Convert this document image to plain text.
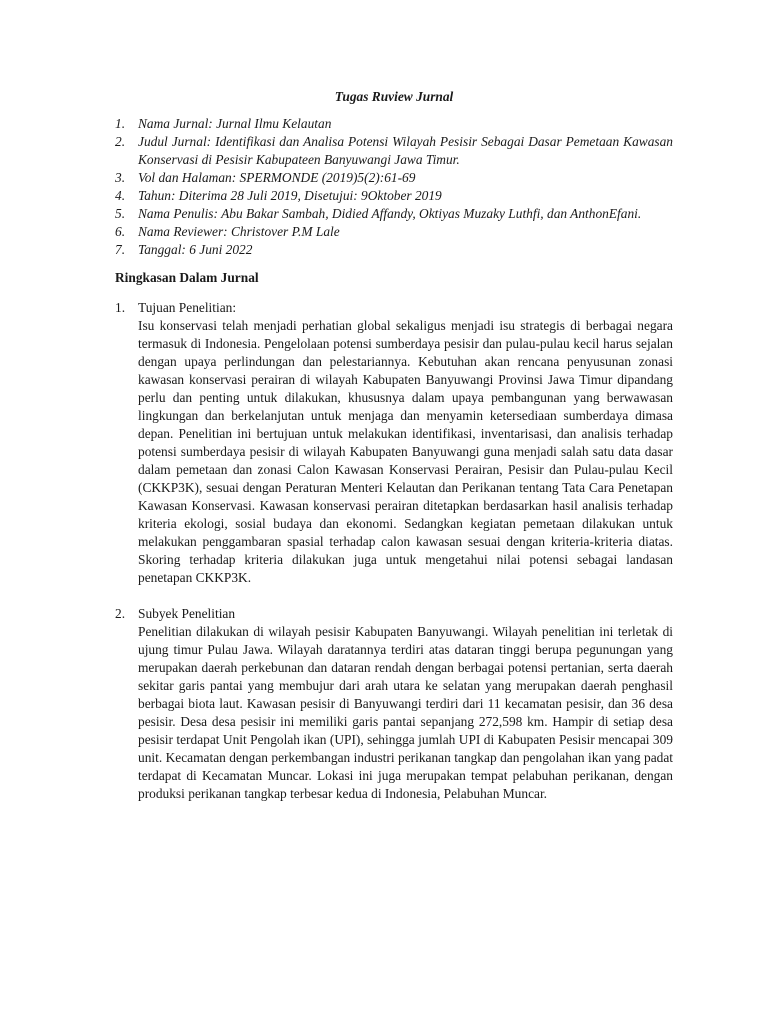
Tugas Ruview Jurnal
1. Nama Jurnal: Jurnal Ilmu Kelautan
2. Judul Jurnal: Identifikasi dan Analisa Potensi Wilayah Pesisir Sebagai Dasar Pemetaan Kawasan Konservasi di Pesisir Kabupateen Banyuwangi Jawa Timur.
3. Vol dan Halaman: SPERMONDE (2019)5(2):61-69
4. Tahun: Diterima 28 Juli 2019, Disetujui: 9Oktober 2019
5. Nama Penulis: Abu Bakar Sambah, Didied Affandy, Oktiyas Muzaky Luthfi, dan AnthonEfani.
6. Nama Reviewer: Christover P.M Lale
7. Tanggal: 6 Juni 2022
Ringkasan Dalam Jurnal
1. Tujuan Penelitian:

Isu konservasi telah menjadi perhatian global sekaligus menjadi isu strategis di berbagai negara termasuk di Indonesia. Pengelolaan potensi sumberdaya pesisir dan pulau-pulau kecil harus sejalan dengan upaya perlindungan dan pelestariannya. Kebutuhan akan rencana penyusunan zonasi kawasan konservasi perairan di wilayah Kabupaten Banyuwangi Provinsi Jawa Timur dipandang perlu dan penting untuk dilakukan, khususnya dalam upaya pembangunan yang berwawasan lingkungan dan berkelanjutan untuk menjaga dan menyamin ketersediaan sumberdaya dimasa depan. Penelitian ini bertujuan untuk melakukan identifikasi, inventarisasi, dan analisis terhadap potensi sumberdaya pesisir di wilayah Kabupaten Banyuwangi guna menjadi salah satu data dasar dalam pemetaan dan zonasi Calon Kawasan Konservasi Perairan, Pesisir dan Pulau-pulau Kecil (CKKP3K), sesuai dengan Peraturan Menteri Kelautan dan Perikanan tentang Tata Cara Penetapan Kawasan Konservasi. Kawasan konservasi perairan ditetapkan berdasarkan hasil analisis terhadap kriteria ekologi, sosial budaya dan ekonomi. Sedangkan kegiatan pemetaan dilakukan untuk melakukan penggambaran spasial terhadap calon kawasan sesuai dengan kriteria-kriteria diatas. Skoring terhadap kriteria dilakukan juga untuk mengetahui nilai potensi sebagai landasan penetapan CKKP3K.

2. Subyek Penelitian

Penelitian dilakukan di wilayah pesisir Kabupaten Banyuwangi. Wilayah penelitian ini terletak di ujung timur Pulau Jawa. Wilayah daratannya terdiri atas dataran tinggi berupa pegunungan yang merupakan daerah perkebunan dan dataran rendah dengan berbagai potensi pertanian, serta daerah sekitar garis pantai yang membujur dari arah utara ke selatan yang merupakan daerah penghasil berbagai biota laut. Kawasan pesisir di Banyuwangi terdiri dari 11 kecamatan pesisir, dan 36 desa pesisir. Desa desa pesisir ini memiliki garis pantai sepanjang 272,598 km. Hampir di setiap desa pesisir terdapat Unit Pengolah ikan (UPI), sehingga jumlah UPI di Kabupaten Pesisir mencapai 309 unit. Kecamatan dengan perkembangan industri perikanan tangkap dan pengolahan ikan yang padat terdapat di Kecamatan Muncar. Lokasi ini juga merupakan tempat pelabuhan perikanan, dengan produksi perikanan tangkap terbesar kedua di Indonesia, Pelabuhan Muncar.
